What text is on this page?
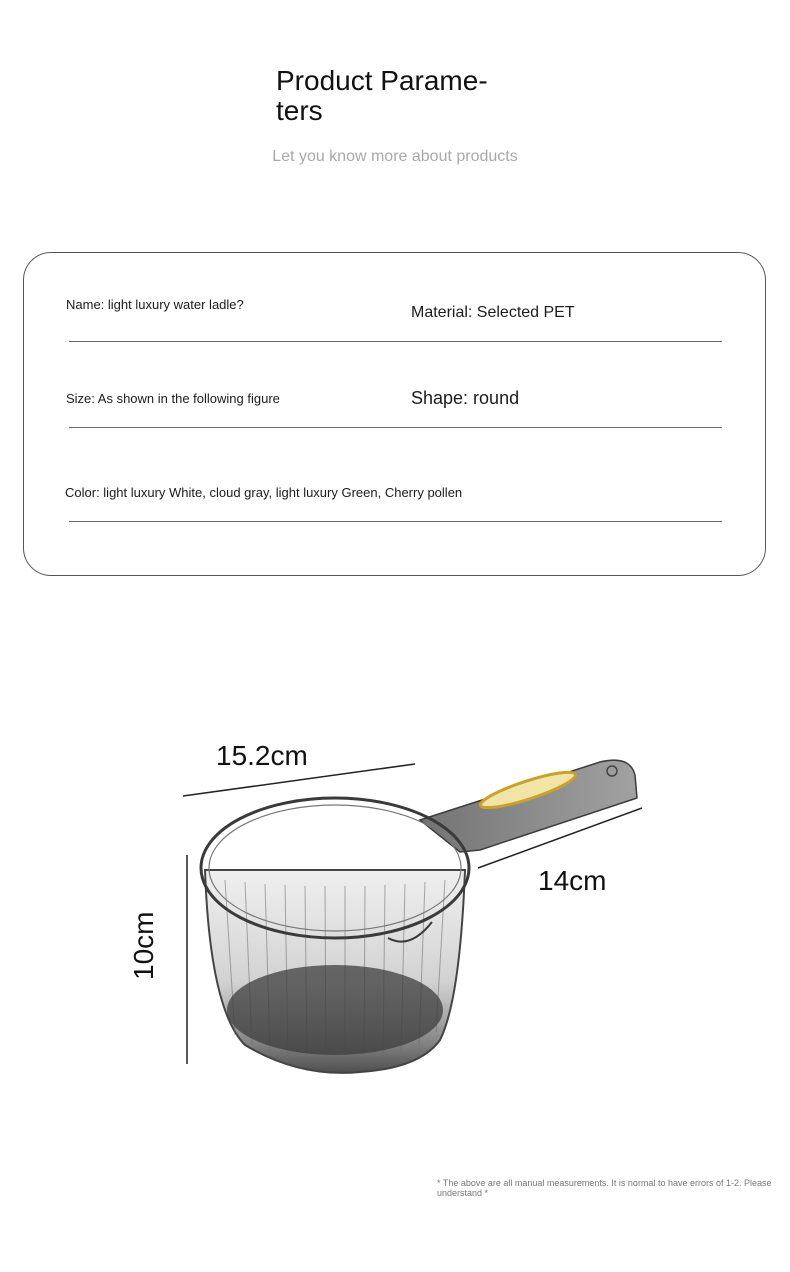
Product Parame- ters
Let you know more about products
Name: light luxury water ladle?	Material: Selected PET
Size: As shown in the following figure	Shape: round
Color: light luxury White, cloud gray, light luxury Green, Cherry pollen
15.2cm
14cm
10cm
* The above are all manual measurements. It is normal to have errors of 1-2. Please understand *
